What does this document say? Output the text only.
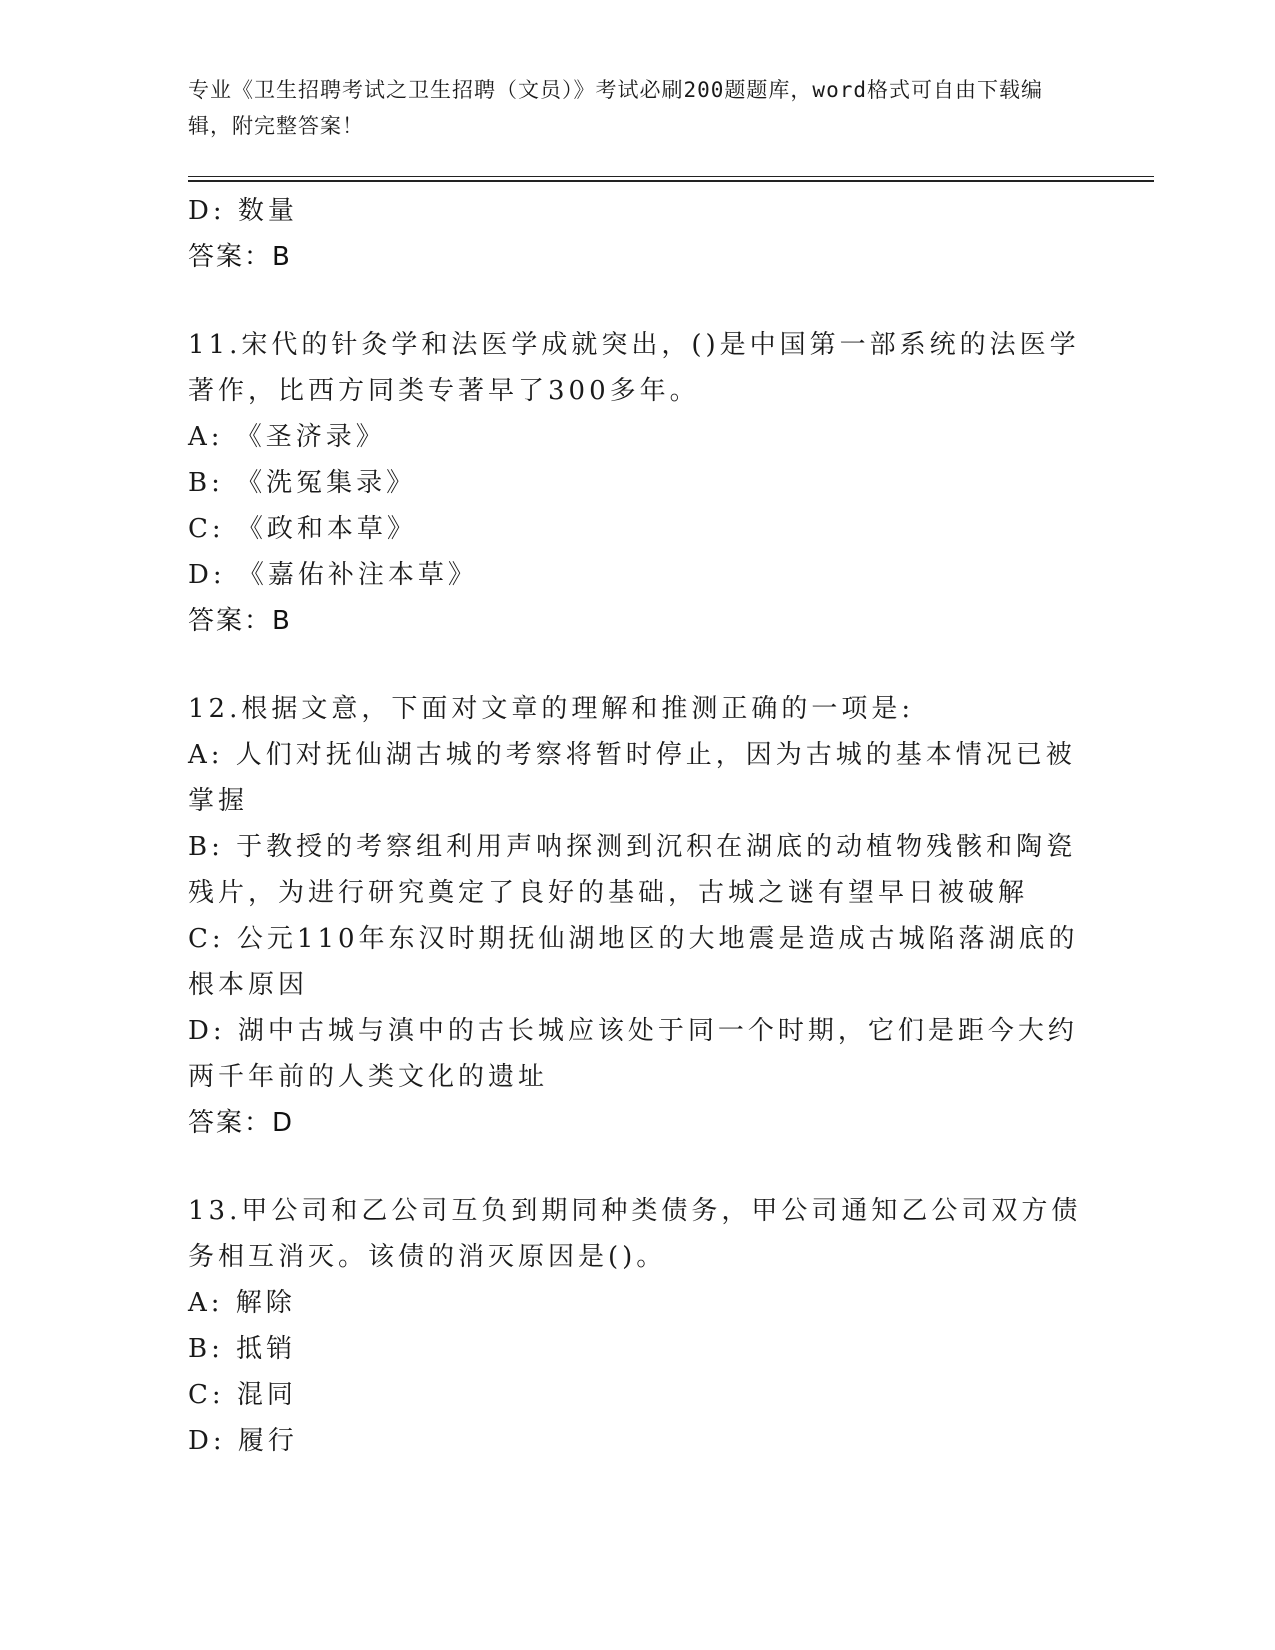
专业《卫生招聘考试之卫生招聘（文员）》考试必刷200题题库，word格式可自由下载编辑，附完整答案！
D: 数量
答案：B
11.宋代的针灸学和法医学成就突出，()是中国第一部系统的法医学著作，比西方同类专著早了300多年。
A: 《圣济录》
B: 《洗冤集录》
C: 《政和本草》
D: 《嘉佑补注本草》
答案：B
12.根据文意，下面对文章的理解和推测正确的一项是:
A: 人们对抚仙湖古城的考察将暂时停止，因为古城的基本情况已被掌握
B: 于教授的考察组利用声呐探测到沉积在湖底的动植物残骸和陶瓷残片，为进行研究奠定了良好的基础，古城之谜有望早日被破解
C: 公元110年东汉时期抚仙湖地区的大地震是造成古城陷落湖底的根本原因
D: 湖中古城与滇中的古长城应该处于同一个时期，它们是距今大约两千年前的人类文化的遗址
答案：D
13.甲公司和乙公司互负到期同种类债务，甲公司通知乙公司双方债务相互消灭。该债的消灭原因是()。
A: 解除
B: 抵销
C: 混同
D: 履行
